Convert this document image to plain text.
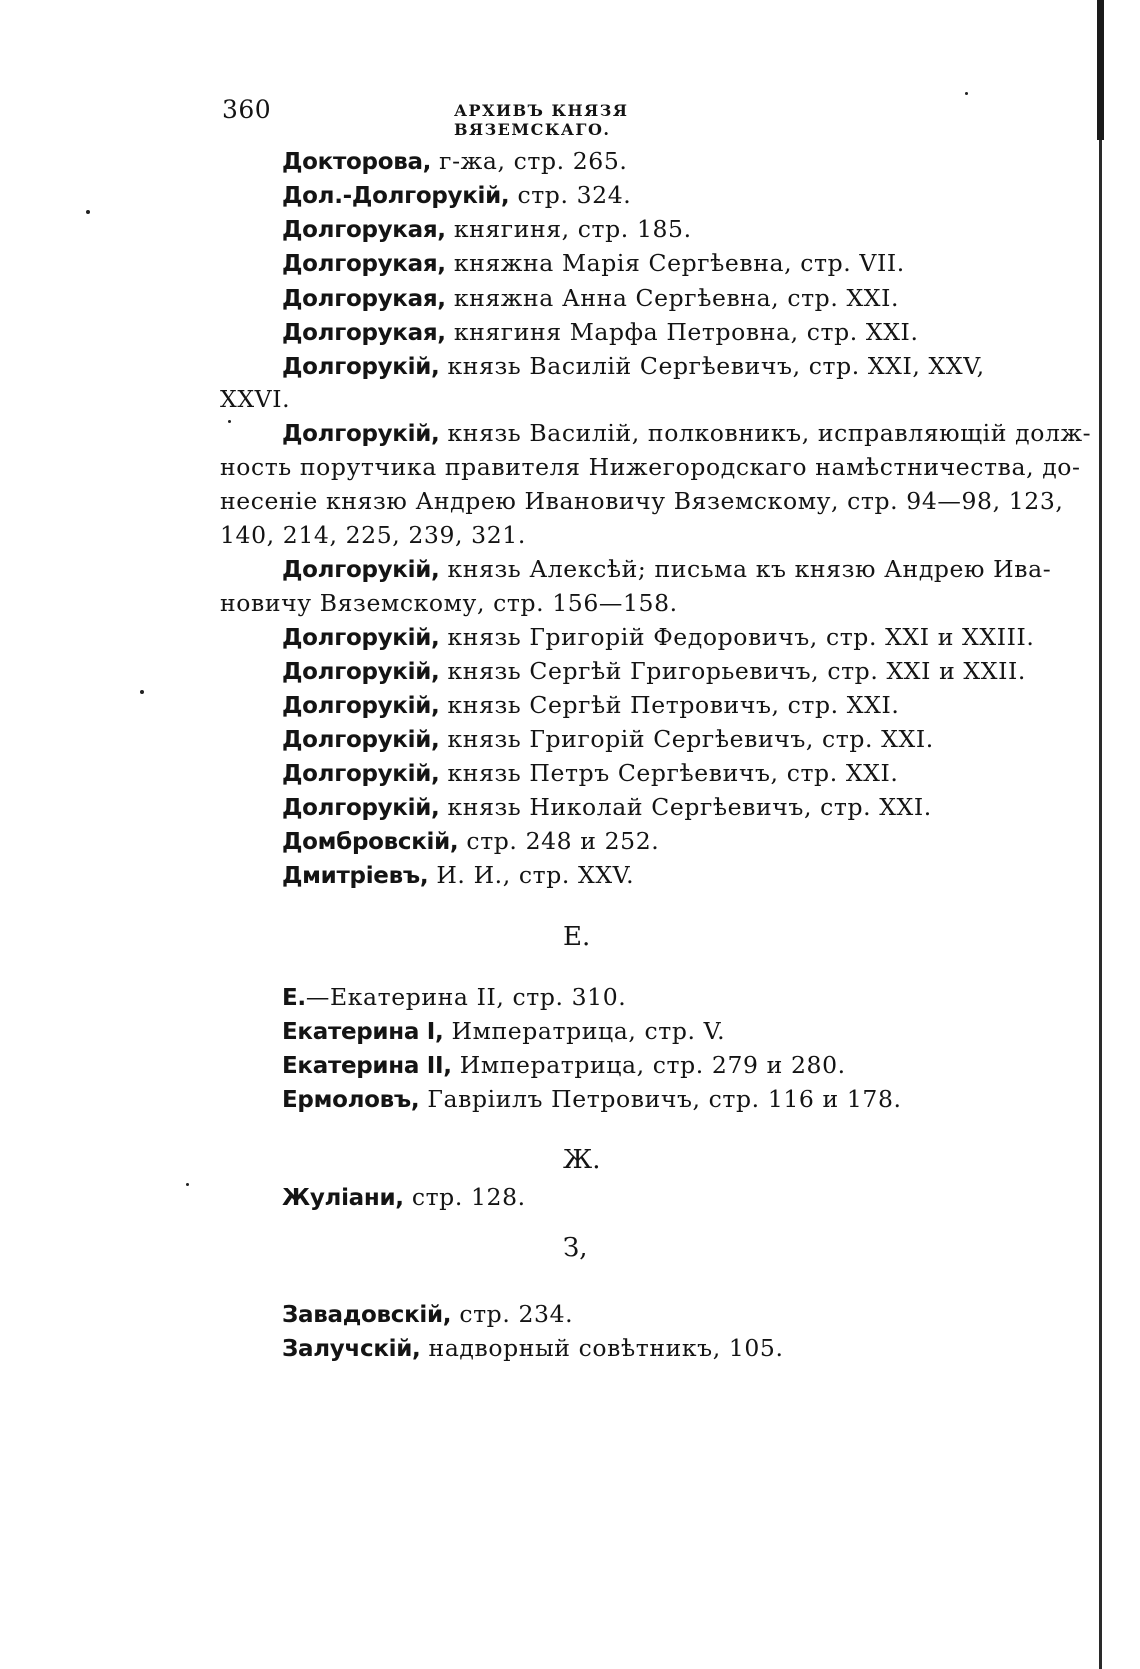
360	АРХИВЪ КНЯЗЯ ВЯЗЕМСКАГО.
Докторова, г-жа, стр. 265.
Дол.-Долгорукій, стр. 324.
Долгорукая, княгиня, стр. 185.
Долгорукая, княжна Марія Сергѣевна, стр. VII.
Долгорукая, княжна Анна Сергѣевна, стр. XXI.
Долгорукая, княгиня Марфа Петровна, стр. XXI.
Долгорукій, князь Василій Сергѣевичъ, стр. XXI, XXV,
XXVI.
Долгорукій, князь Василій, полковникъ, исправляющій долж-
ность порутчика правителя Нижегородскаго намѣстничества, до-
несеніе князю Андрею Ивановичу Вяземскому, стр. 94—98, 123,
140, 214, 225, 239, 321.
Долгорукій, князь Алексѣй; письма къ князю Андрею Ива-
новичу Вяземскому, стр. 156—158.
Долгорукій, князь Григорій Федоровичъ, стр. XXI и XXIII.
Долгорукій, князь Сергѣй Григорьевичъ, стр. XXI и XXII.
Долгорукій, князь Сергѣй Петровичъ, стр. XXI.
Долгорукій, князь Григорій Сергѣевичъ, стр. XXI.
Долгорукій, князь Петръ Сергѣевичъ, стр. XXI.
Долгорукій, князь Николай Сергѣевичъ, стр. XXI.
Домбровскій, стр. 248 и 252.
Дмитріевъ, И. И., стр. XXV.
Е.
Е.—Екатерина II, стр. 310.
Екатерина I, Императрица, стр. V.
Екатерина II, Императрица, стр. 279 и 280.
Ермоловъ, Гавріилъ Петровичъ, стр. 116 и 178.
Ж.
Жуліани, стр. 128.
З,
Завадовскій, стр. 234.
Залучскій, надворный совѣтникъ, 105.
